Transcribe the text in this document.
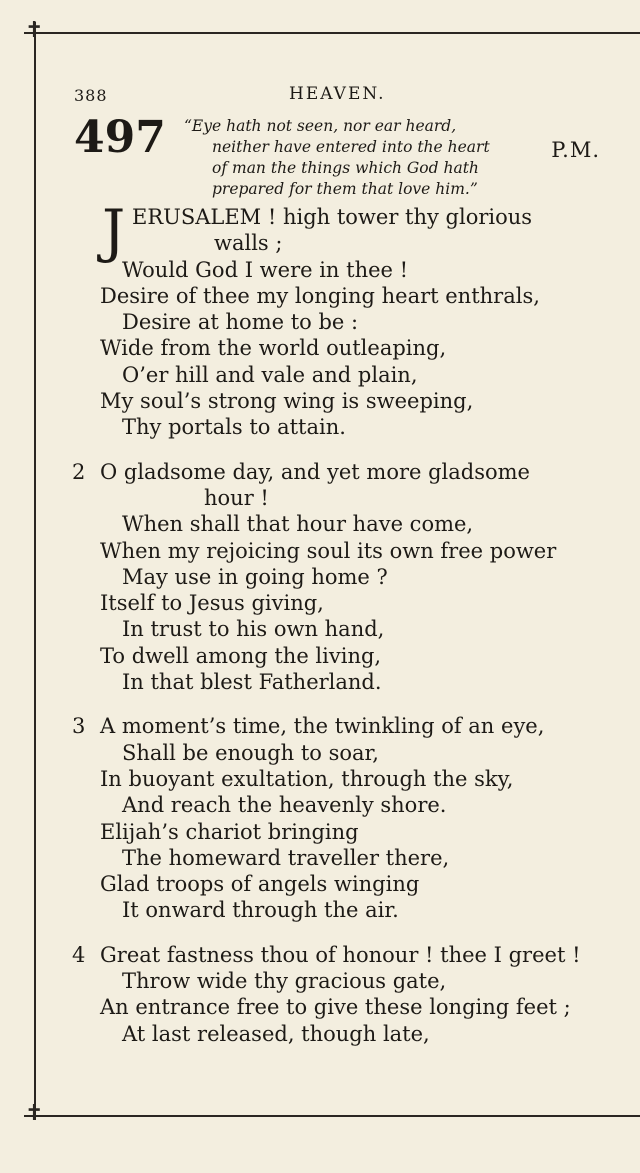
✝
✝
388	HEAVEN.
497 “Eye hath not seen, nor ear heard,
neither have entered into the heart
of man the things which God hath
prepared for them that love him.”
P.M.
J ERUSALEM ! high tower thy glorious
walls ;
Would God I were in thee !
Desire of thee my longing heart enthrals,
Desire at home to be :
Wide from the world outleaping,
O’er hill and vale and plain,
My soul’s strong wing is sweeping,
Thy portals to attain.
2 O gladsome day, and yet more gladsome
hour !
When shall that hour have come,
When my rejoicing soul its own free power
May use in going home ?
Itself to Jesus giving,
In trust to his own hand,
To dwell among the living,
In that blest Fatherland.
3 A moment’s time, the twinkling of an eye,
Shall be enough to soar,
In buoyant exultation, through the sky,
And reach the heavenly shore.
Elijah’s chariot bringing
The homeward traveller there,
Glad troops of angels winging
It onward through the air.
4 Great fastness thou of honour ! thee I greet !
Throw wide thy gracious gate,
An entrance free to give these longing feet ;
At last released, though late,
